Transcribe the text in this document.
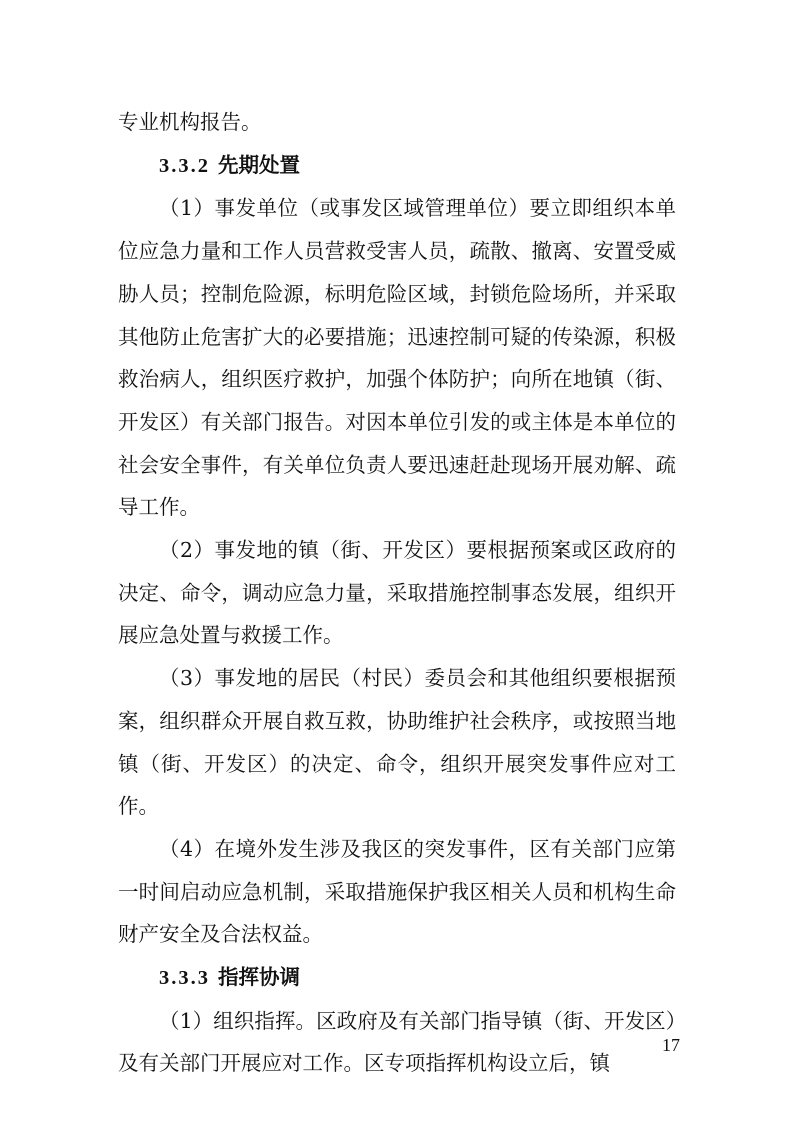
专业机构报告。

3.3.2 先期处置

（1）事发单位（或事发区域管理单位）要立即组织本单位应急力量和工作人员营救受害人员，疏散、撤离、安置受威胁人员；控制危险源，标明危险区域，封锁危险场所，并采取其他防止危害扩大的必要措施；迅速控制可疑的传染源，积极救治病人，组织医疗救护，加强个体防护；向所在地镇（街、开发区）有关部门报告。对因本单位引发的或主体是本单位的社会安全事件，有关单位负责人要迅速赶赴现场开展劝解、疏导工作。

（2）事发地的镇（街、开发区）要根据预案或区政府的决定、命令，调动应急力量，采取措施控制事态发展，组织开展应急处置与救援工作。

（3）事发地的居民（村民）委员会和其他组织要根据预案，组织群众开展自救互救，协助维护社会秩序，或按照当地镇（街、开发区）的决定、命令，组织开展突发事件应对工作。

（4）在境外发生涉及我区的突发事件，区有关部门应第一时间启动应急机制，采取措施保护我区相关人员和机构生命财产安全及合法权益。

3.3.3 指挥协调

（1）组织指挥。区政府及有关部门指导镇（街、开发区）及有关部门开展应对工作。区专项指挥机构设立后，镇

17
